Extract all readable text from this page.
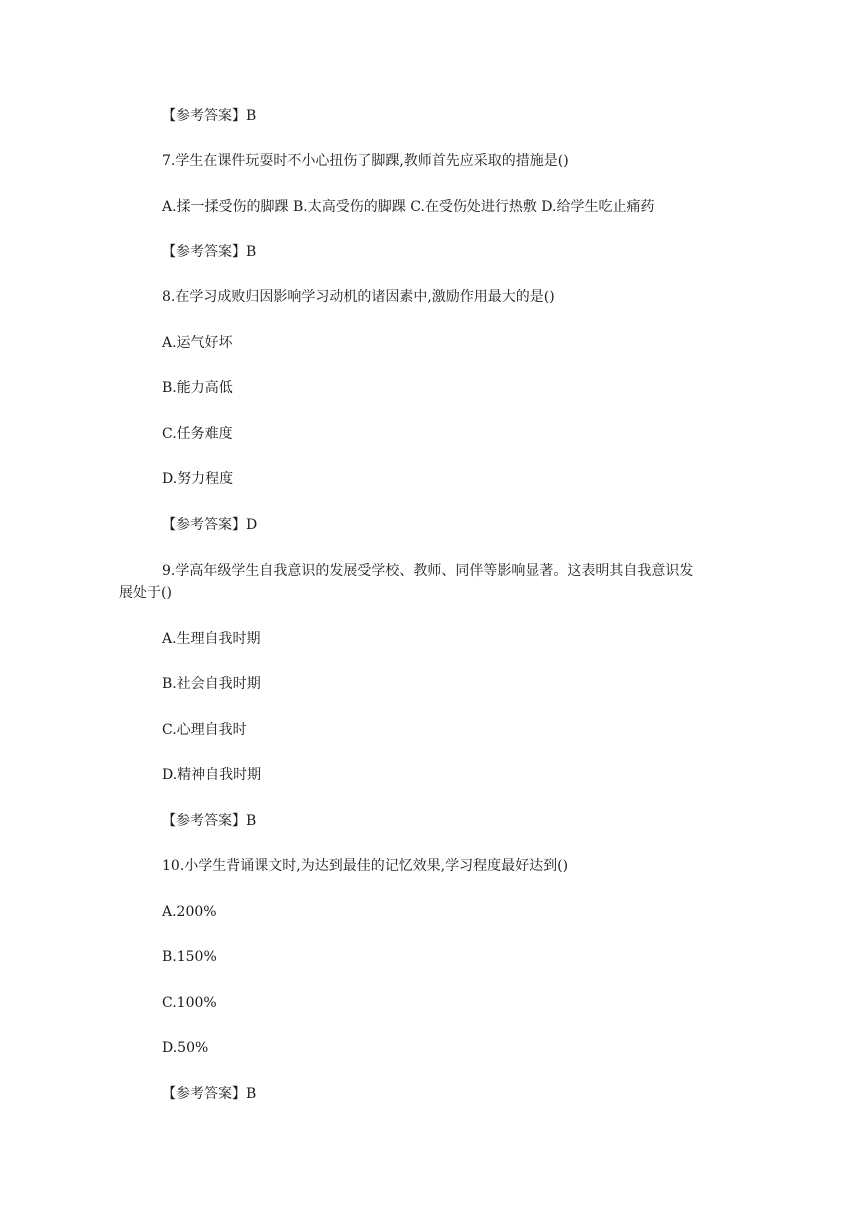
【参考答案】B
7.学生在课件玩耍时不小心扭伤了脚踝,教师首先应采取的措施是()
A.揉一揉受伤的脚踝 B.太高受伤的脚踝 C.在受伤处进行热敷 D.给学生吃止痛药
【参考答案】B
8.在学习成败归因影响学习动机的诸因素中,激励作用最大的是()
A.运气好坏
B.能力高低
C.任务难度
D.努力程度
【参考答案】D
9.学高年级学生自我意识的发展受学校、教师、同伴等影响显著。这表明其自我意识发展处于()
A.生理自我时期
B.社会自我时期
C.心理自我时
D.精神自我时期
【参考答案】B
10.小学生背诵课文时,为达到最佳的记忆效果,学习程度最好达到()
A.200%
B.150%
C.100%
D.50%
【参考答案】B
